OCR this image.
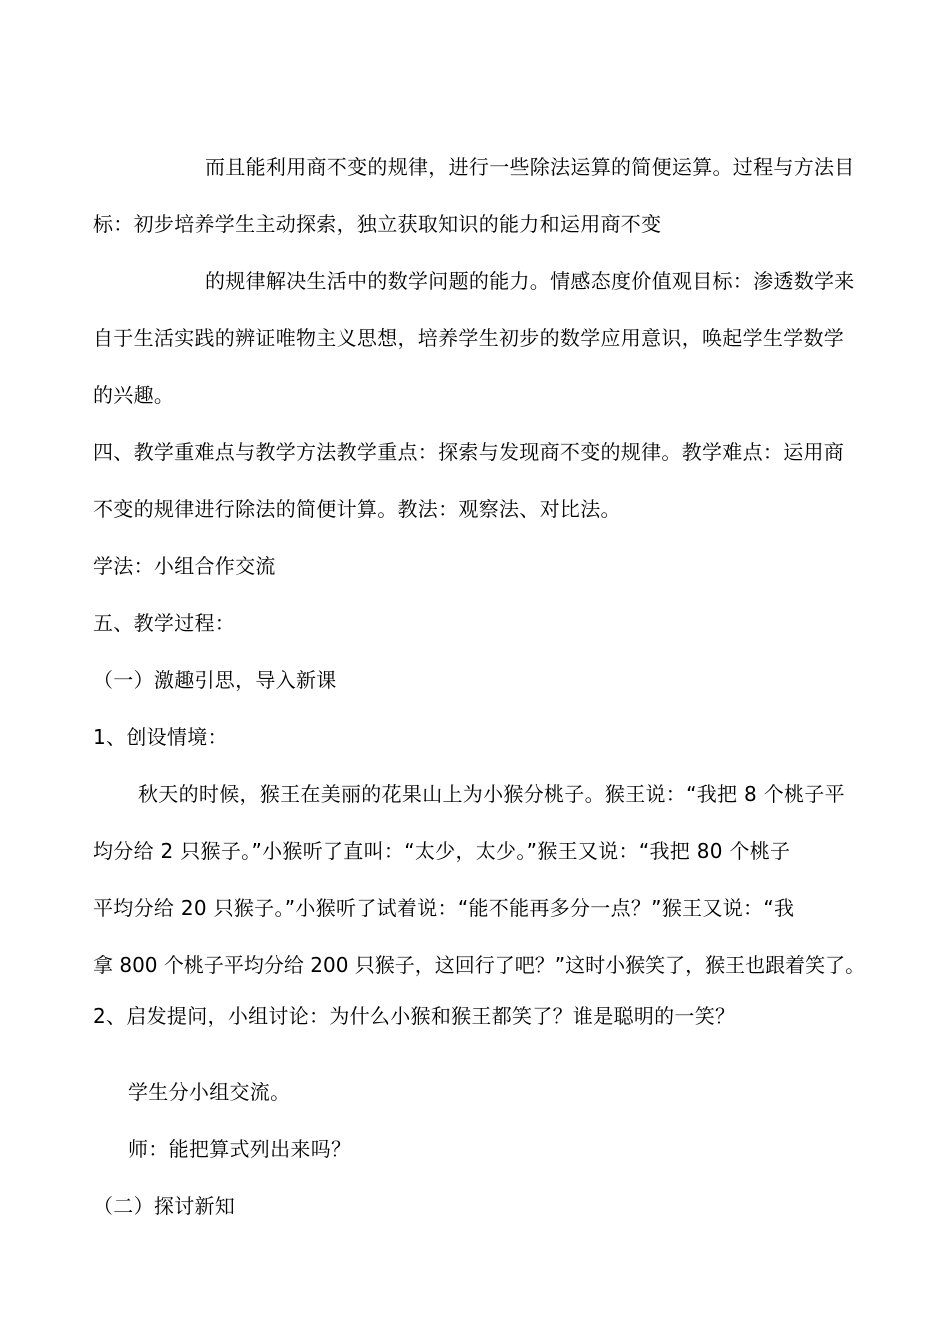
而且能利用商不变的规律，进行一些除法运算的简便运算。过程与方法目
标：初步培养学生主动探索，独立获取知识的能力和运用商不变
的规律解决生活中的数学问题的能力。情感态度价值观目标：渗透数学来
自于生活实践的辨证唯物主义思想，培养学生初步的数学应用意识，唤起学生学数学
的兴趣。
四、教学重难点与教学方法教学重点：探索与发现商不变的规律。教学难点：运用商
不变的规律进行除法的简便计算。教法：观察法、对比法。
学法：小组合作交流
五、教学过程：
（一）激趣引思，导入新课
1、创设情境：
秋天的时候，猴王在美丽的花果山上为小猴分桃子。猴王说：“我把 8 个桃子平
均分给 2 只猴子。”小猴听了直叫：“太少，太少。”猴王又说：“我把 80 个桃子
平均分给 20 只猴子。”小猴听了试着说：“能不能再多分一点？”猴王又说：“我
拿 800 个桃子平均分给 200 只猴子，这回行了吧？”这时小猴笑了，猴王也跟着笑了。
2、启发提问，小组讨论：为什么小猴和猴王都笑了？谁是聪明的一笑？
学生分小组交流。
师：能把算式列出来吗？
（二）探讨新知
